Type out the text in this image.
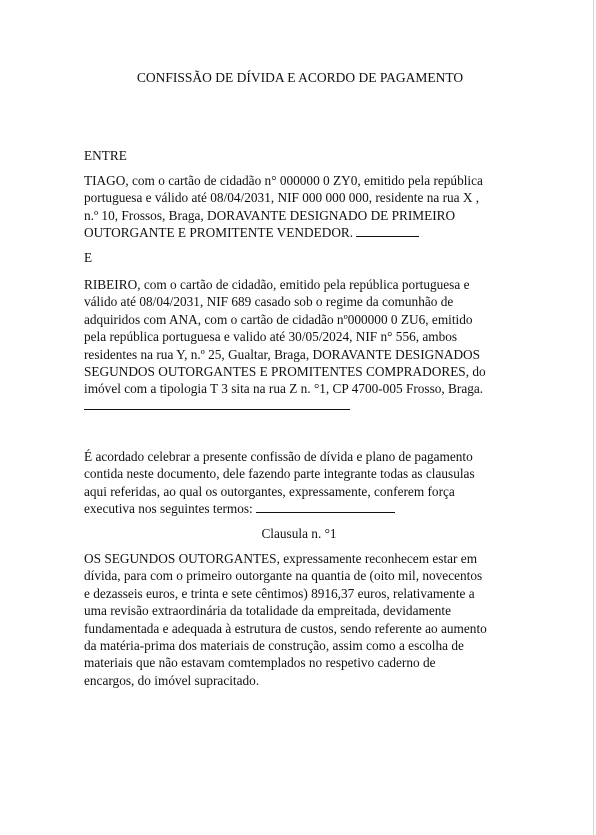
CONFISSÃO DE DÍVIDA E ACORDO DE PAGAMENTO
ENTRE

TIAGO, com o cartão de cidadão n° 000000 0 ZY0, emitido pela república

portuguesa e válido até 08/04/2031, NIF 000 000 000, residente na rua X ,

n.º 10, Frossos, Braga, DORAVANTE DESIGNADO DE PRIMEIRO

OUTORGANTE E PROMITENTE VENDEDOR.

E

RIBEIRO, com o cartão de cidadão, emitido pela república portuguesa e

válido até 08/04/2031, NIF 689 casado sob o regime da comunhão de

adquiridos com ANA, com o cartão de cidadão nº000000 0 ZU6, emitido

pela república portuguesa e valido até 30/05/2024, NIF n° 556, ambos

residentes na rua Y, n.º 25, Gualtar, Braga, DORAVANTE DESIGNADOS

SEGUNDOS OUTORGANTES E PROMITENTES COMPRADORES, do

imóvel com a tipologia T 3 sita na rua Z n. °1, CP 4700-005 Frosso, Braga.

É acordado celebrar a presente confissão de dívida e plano de pagamento

contida neste documento, dele fazendo parte integrante todas as clausulas

aqui referidas, ao qual os outorgantes, expressamente, conferem força

executiva nos seguintes termos:

Clausula n. °1

OS SEGUNDOS OUTORGANTES, expressamente reconhecem estar em

dívida, para com o primeiro outorgante na quantia de (oito mil, novecentos

e dezasseis euros, e trinta e sete cêntimos) 8916,37 euros, relativamente a

uma revisão extraordinária da totalidade da empreitada, devidamente

fundamentada e adequada à estrutura de custos, sendo referente ao aumento

da matéria-prima dos materiais de construção, assim como a escolha de

materiais que não estavam comtemplados no respetivo caderno de

encargos, do imóvel supracitado.
